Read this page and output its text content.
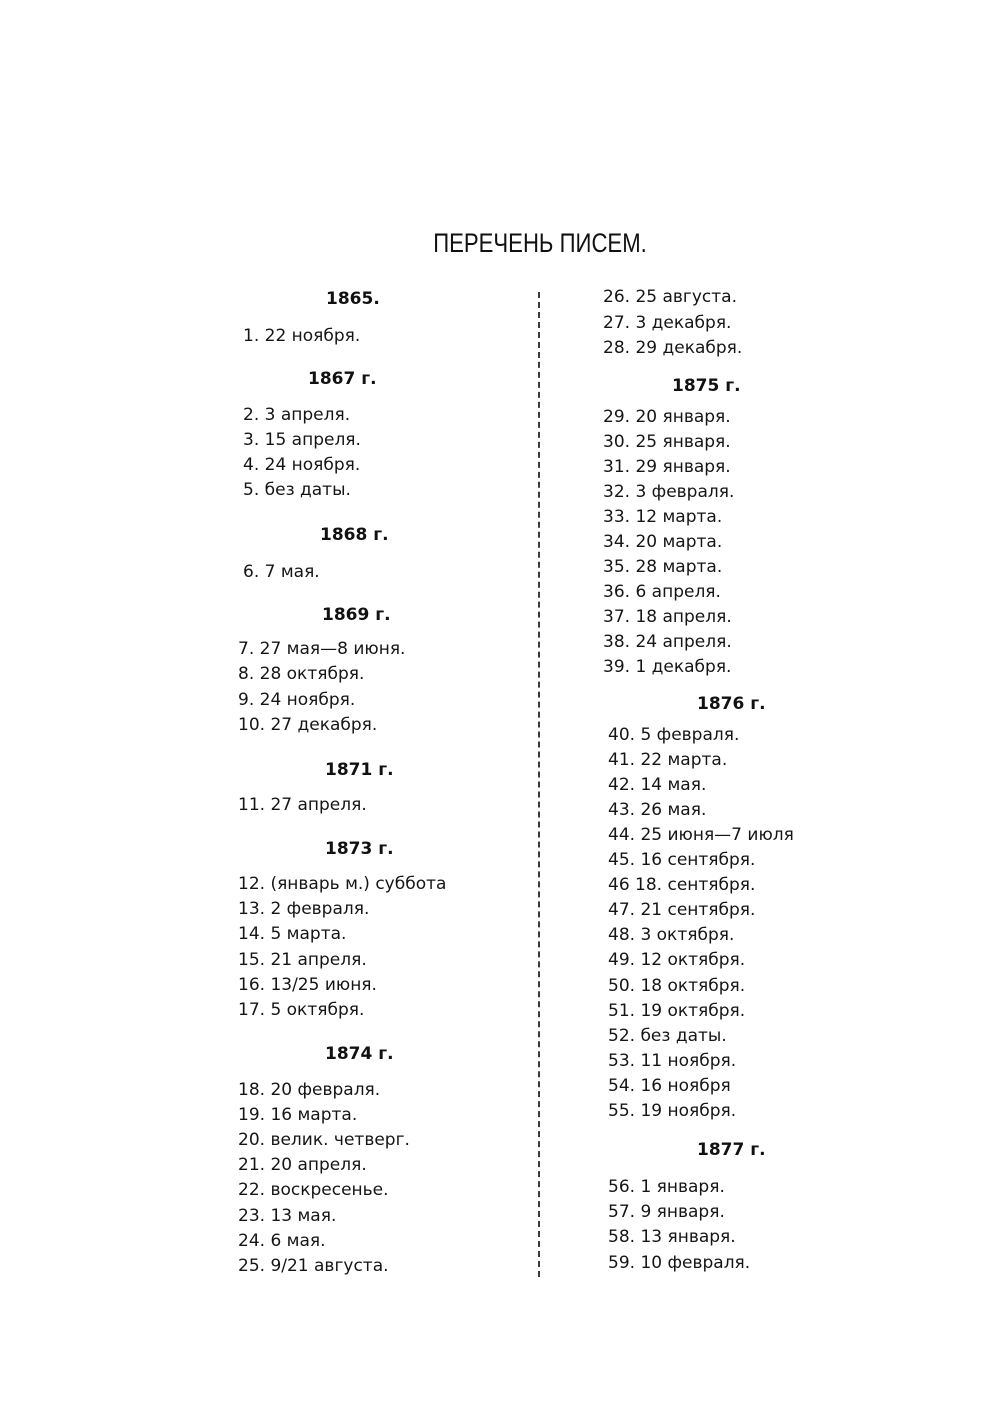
ПЕРЕЧЕНЬ ПИСЕМ.
1865.
1. 22 ноября.
1867 г.
2. 3 апреля.
3. 15 апреля.
4. 24 ноября.
5. без даты.
1868 г.
6. 7 мая.
1869 г.
7. 27 мая—8 июня.
8. 28 октября.
9. 24 ноября.
10. 27 декабря.
1871 г.
11. 27 апреля.
1873 г.
12. (январь м.) суббота
13. 2 февраля.
14. 5 марта.
15. 21 апреля.
16. 13/25 июня.
17. 5 октября.
1874 г.
18. 20 февраля.
19. 16 марта.
20. велик. четверг.
21. 20 апреля.
22. воскресенье.
23. 13 мая.
24. 6 мая.
25. 9/21 августа.
26. 25 августа.
27. 3 декабря.
28. 29 декабря.
1875 г.
29. 20 января.
30. 25 января.
31. 29 января.
32. 3 февраля.
33. 12 марта.
34. 20 марта.
35. 28 марта.
36. 6 апреля.
37. 18 апреля.
38. 24 апреля.
39. 1 декабря.
1876 г.
40. 5 февраля.
41. 22 марта.
42. 14 мая.
43. 26 мая.
44. 25 июня—7 июля
45. 16 сентября.
46 18. сентября.
47. 21 сентября.
48. 3 октября.
49. 12 октября.
50. 18 октября.
51. 19 октября.
52. без даты.
53. 11 ноября.
54. 16 ноября
55. 19 ноября.
1877 г.
56. 1 января.
57. 9 января.
58. 13 января.
59. 10 февраля.
